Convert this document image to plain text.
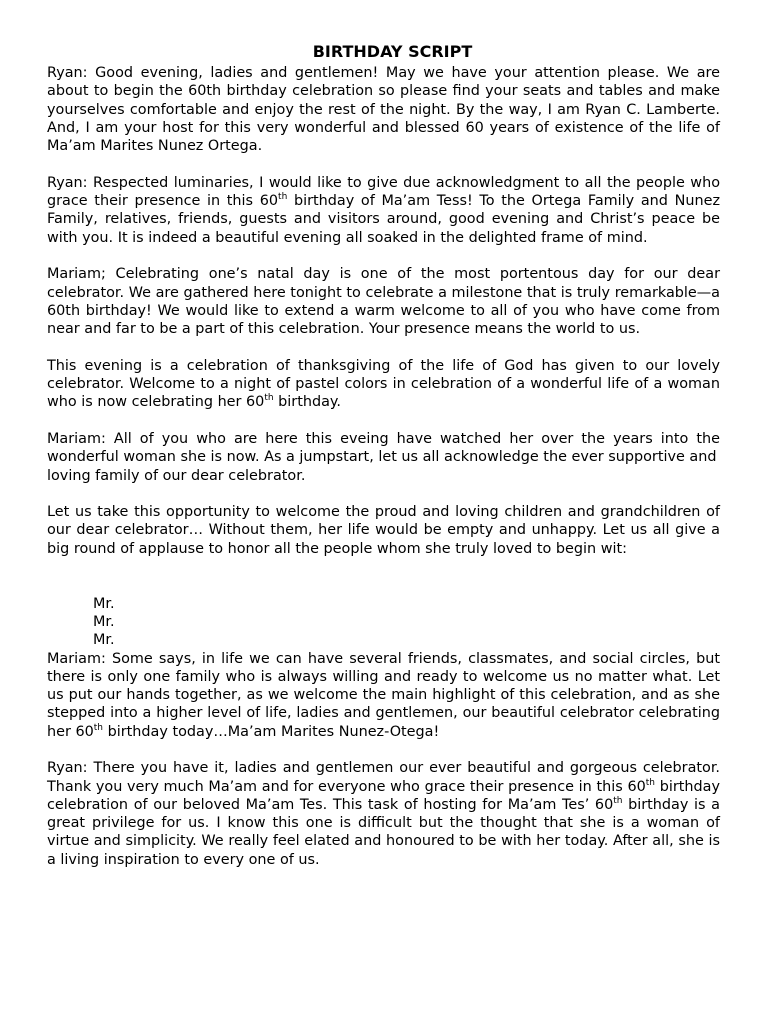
BIRTHDAY SCRIPT

Ryan: Good evening, ladies and gentlemen! May we have your attention please. We are about to begin the 60th birthday celebration so please find your seats and tables and make yourselves comfortable and enjoy the rest of the night. By the way, I am Ryan C. Lamberte. And, I am your host for this very wonderful and blessed 60 years of existence of the life of Ma’am Marites Nunez Ortega.

Ryan: Respected luminaries, I would like to give due acknowledgment to all the people who grace their presence in this 60th birthday of Ma’am Tess! To the Ortega Family and Nunez Family, relatives, friends, guests and visitors around, good evening and Christ’s peace be with you. It is indeed a beautiful evening all soaked in the delighted frame of mind.

Mariam; Celebrating one’s natal day is one of the most portentous day for our dear celebrator. We are gathered here tonight to celebrate a milestone that is truly remarkable—a 60th birthday! We would like to extend a warm welcome to all of you who have come from near and far to be a part of this celebration. Your presence means the world to us.

This evening is a celebration of thanksgiving of the life of God has given to our lovely celebrator. Welcome to a night of pastel colors in celebration of a wonderful life of a woman who is now celebrating her 60th birthday.

Mariam: All of you who are here this eveing have watched her over the years into the wonderful woman she is now. As a jumpstart, let us all acknowledge the ever supportive and
loving family of our dear celebrator.

Let us take this opportunity to welcome the proud and loving children and grandchildren of our dear celebrator… Without them, her life would be empty and unhappy. Let us all give a big round of applause to honor all the people whom she truly loved to begin wit:

Mr.
Mr.
Mr.

Mariam: Some says, in life we can have several friends, classmates, and social circles, but there is only one family who is always willing and ready to welcome us no matter what. Let us put our hands together, as we welcome the main highlight of this celebration, and as she stepped into a higher level of life, ladies and gentlemen, our beautiful celebrator celebrating her 60th birthday today…Ma’am Marites Nunez-Otega!

Ryan: There you have it, ladies and gentlemen our ever beautiful and gorgeous celebrator. Thank you very much Ma’am and for everyone who grace their presence in this 60th birthday celebration of our beloved Ma’am Tes. This task of hosting for Ma’am Tes’ 60th birthday is a great privilege for us. I know this one is difficult but the thought that she is a woman of virtue and simplicity. We really feel elated and honoured to be with her today. After all, she is a living inspiration to every one of us.
